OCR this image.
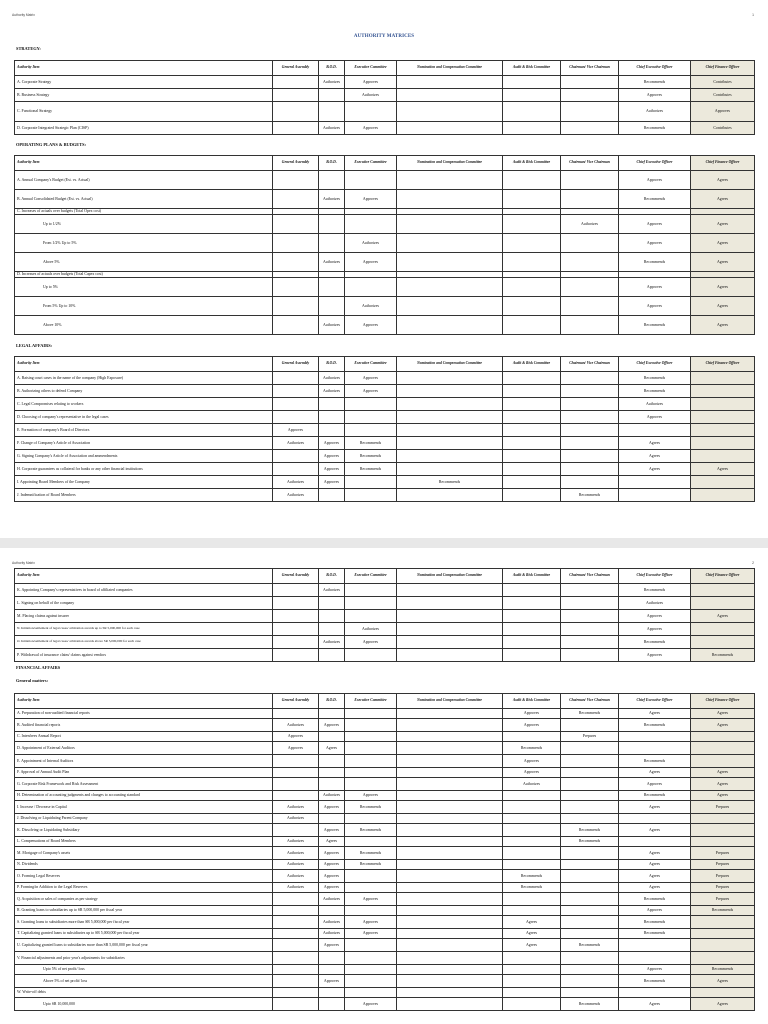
Authority Matrix	1
AUTHORITY MATRICES
STRATEGY:
Authority Item	General Assembly	B.O.D.	Executive Committee	Nomination and Compensation Committee	Audit & Risk Committee	Chairman/ Vice Chairman	Chief Executive Officer	Chief Finance Officer
A. Corporate Strategy		Authorizes	Approves				Recommends	Contributes
B. Business Strategy			Authorizes				Approves	Contributes
C. Functional Strategy							Authorizes	Approves
D. Corporate Integrated Strategic Plan (CISP)		Authorizes	Approves				Recommends	Contributes
OPERATING PLANS & BUDGETS:
Authority Item	General Assembly	B.O.D.	Executive Committee	Nomination and Compensation Committee	Audit & Risk Committee	Chairman/ Vice Chairman	Chief Executive Officer	Chief Finance Officer
A. Annual Company's Budget (Est. vs. Actual)							Approves	Agrees
B. Annual Consolidated Budget (Est. vs. Actual)		Authorizes	Approves				Recommends	Agrees
C. Increases of actuals over budgets (Total Opex cost)								
Up to 1/2%						Authorizes	Approves	Agrees
From 1/2% Up to 5%			Authorizes				Approves	Agrees
Above 5%		Authorizes	Approves				Recommends	Agrees
D. Increases of actuals over budgets (Total Capex cost)								
Up to 5%							Approves	Agrees
From 5% Up to 10%			Authorizes				Approves	Agrees
Above 10%		Authorizes	Approves				Recommends	Agrees
LEGAL AFFAIRS:
Authority Item	General Assembly	B.O.D.	Executive Committee	Nomination and Compensation Committee	Audit & Risk Committee	Chairman/ Vice Chairman	Chief Executive Officer	Chief Finance Officer
A. Raising court cases in the name of the company (High Exposure)		Authorizes	Approves				Recommends	
B. Authorizing others to defend Company		Authorizes	Approves				Recommends	
C. Legal Compromises relating to workers							Authorizes	
D. Choosing of company's representative in the legal cases							Approves	
E. Formation of company's Board of Directors	Approves							
F. Change of Company's Article of Association	Authorizes	Approves	Recommends				Agrees	
G. Signing Company's Article of Association and ammendments		Approves	Recommends				Agrees	
H. Corporate guarantees as collateral for banks or any other financial institutions		Approves	Recommends				Agrees	Agrees
I. Appointing Board Members of the Company	Authorizes	Approves		Recommends				
J. Indemnification of Board Members	Authorizes					Recommends		
Authority Matrix	2
Authority Item	General Assembly	B.O.D.	Executive Committee	Nomination and Compensation Committee	Audit & Risk Committee	Chairman/ Vice Chairman	Chief Executive Officer	Chief Finance Officer
K. Appointing Company's representatives in board of affiliated companies		Authorizes					Recommends	
L. Signing on behalf of the company							Authorizes	
M. Placing claims against insurer							Approves	Agrees
N. Initiation/settlement of legal cases/ arbitration awards up to SR 5,000,000 for each case			Authorizes				Approves	
O. Initiation/settlement of legal cases/ arbitration awards above SR 5,000,000 for each case		Authorizes	Approves				Recommends	
P. Withdrawal of insurance claim/ claims against vendors							Approves	Recommends
FINANCIAL AFFAIRS
General matters:
Authority Item	General Assembly	B.O.D.	Executive Committee	Nomination and Compensation Committee	Audit & Risk Committee	Chairman/ Vice Chairman	Chief Executive Officer	Chief Finance Officer
A. Preparation of non-audited financial reports					Approves	Recommends	Agrees	Agrees
B. Audited financial reports	Authorizes	Approves			Approves		Recommends	Agrees
C. Intenfrees Annual Report	Approves					Prepares		
D. Appointment of External Auditors	Approves	Agrees			Recommends			
E. Appointment of Internal Auditors					Approves		Recommends	
F. Approval of Annual Audit Plan					Approves		Agrees	Agrees
G. Corporate Risk Framework and Risk Assessment					Authorizes		Approves	Agrees
H. Determination of accounting judgments and changes to accounting standard		Authorizes	Approves				Recommends	Agrees
I. Increase / Decrease in Capital	Authorizes	Approves	Recommends				Agrees	Prepares
J. Dissolving or Liquidating Parent Company	Authorizes							
K. Dissolving or Liquidating Subsidiary		Approves	Recommends			Recommends	Agrees	
L. Compensations of Board Members	Authorizes	Agrees				Recommends		
M. Mortgage of Company's assets	Authorizes	Approves	Recommends				Agrees	Prepares
N. Dividends	Authorizes	Approves	Recommends				Agrees	Prepares
O. Forming Legal Reserves	Authorizes	Approves			Recommends		Agrees	Prepares
P. Forming/in Addition to the Legal Reserves	Authorizes	Approves			Recommends		Agrees	Prepares
Q. Acquisition or sales of companies as per strategy		Authorizes	Approves				Recommends	Prepares
R. Granting loans to subsidiaries up to SR 5,000,000 per fiscal year							Approves	Recommends
S. Granting loans to subsidiaries more than SR 5,000,000 per fiscal year		Authorizes	Approves		Agrees		Recommends	
T. Capitalizing granted loans to subsidiaries up to SR 5,000,000 per fiscal year		Authorizes	Approves		Agrees		Recommends	
U. Capitalizing granted loans to subsidiaries more than SR 5,000,000 per fiscal year		Approves			Agrees	Recommends		
V. Financial adjustments and prior year's adjustments for subsidiaries								
Upto 5% of net profit/ loss							Approves	Recommends
Above 5% of net profit/ loss		Approves					Recommends	Agrees
W. Write-off debts								
Upto SR 10,000,000			Approves			Recommends	Agrees	Agrees
